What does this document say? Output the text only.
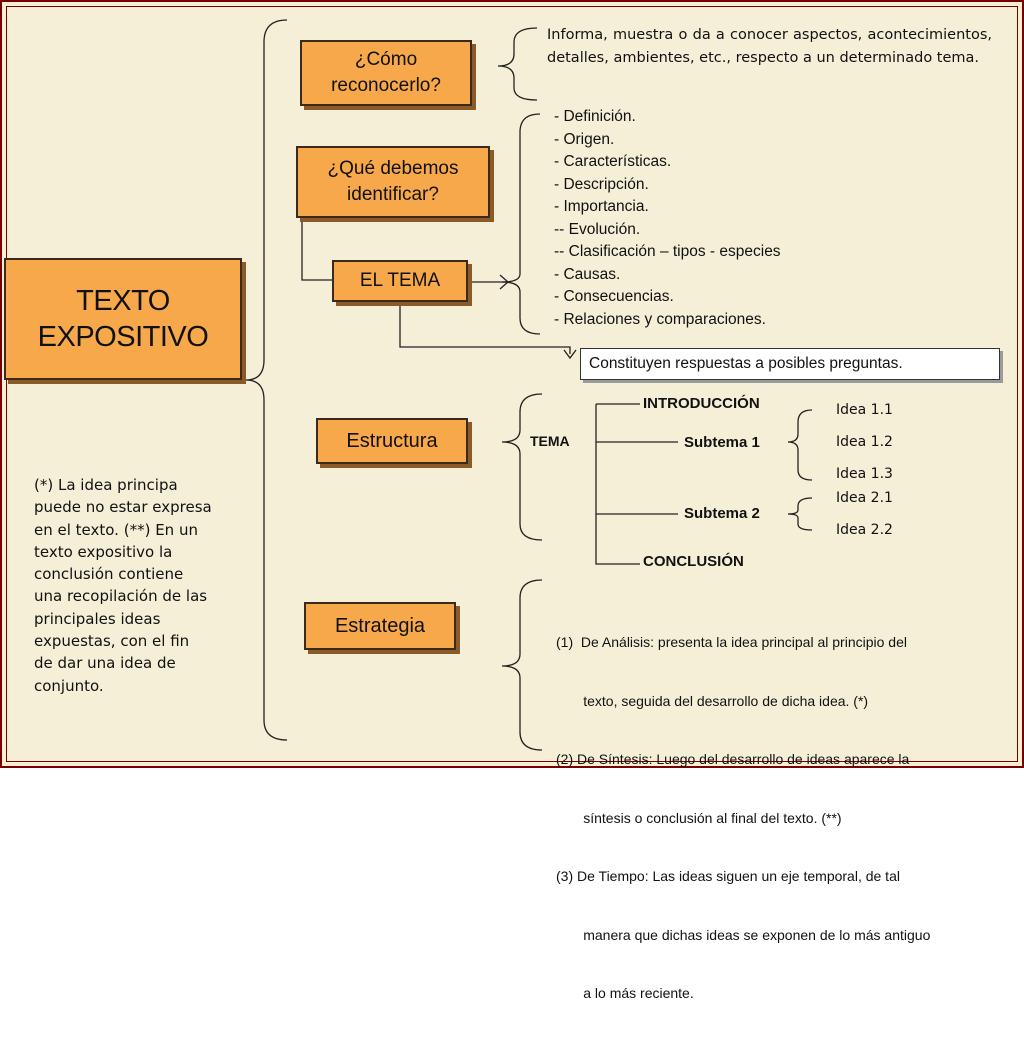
TEXTO EXPOSITIVO
¿Cómo reconocerlo?
¿Qué debemos identificar?
EL TEMA
Estructura
Estrategia
Informa, muestra o da a conocer aspectos, acontecimientos, detalles, ambientes, etc., respecto a un determinado tema.
- Definición.
- Origen.
- Características.
- Descripción.
- Importancia.
-- Evolución.
-- Clasificación – tipos - especies
- Causas.
- Consecuencias.
- Relaciones y comparaciones.
Constituyen respuestas a posibles preguntas.
TEMA
INTRODUCCIÓN
Subtema 1
Subtema 2
CONCLUSIÓN
Idea 1.1
Idea 1.2
Idea 1.3
Idea 2.1
Idea 2.2

(1)  De Análisis: presenta la idea principal al principio del

texto, seguida del desarrollo de dicha idea. (*)

(2) De Síntesis: Luego del desarrollo de ideas aparece la

síntesis o conclusión al final del texto. (**)

(3) De Tiempo: Las ideas siguen un eje temporal, de tal

manera que dichas ideas se exponen de lo más antiguo

a lo más reciente.

(*) La idea principa puede no estar expresa en el texto. (**) En un texto expositivo la conclusión contiene una recopilación de las principales ideas expuestas, con el fin de dar una idea de conjunto.
